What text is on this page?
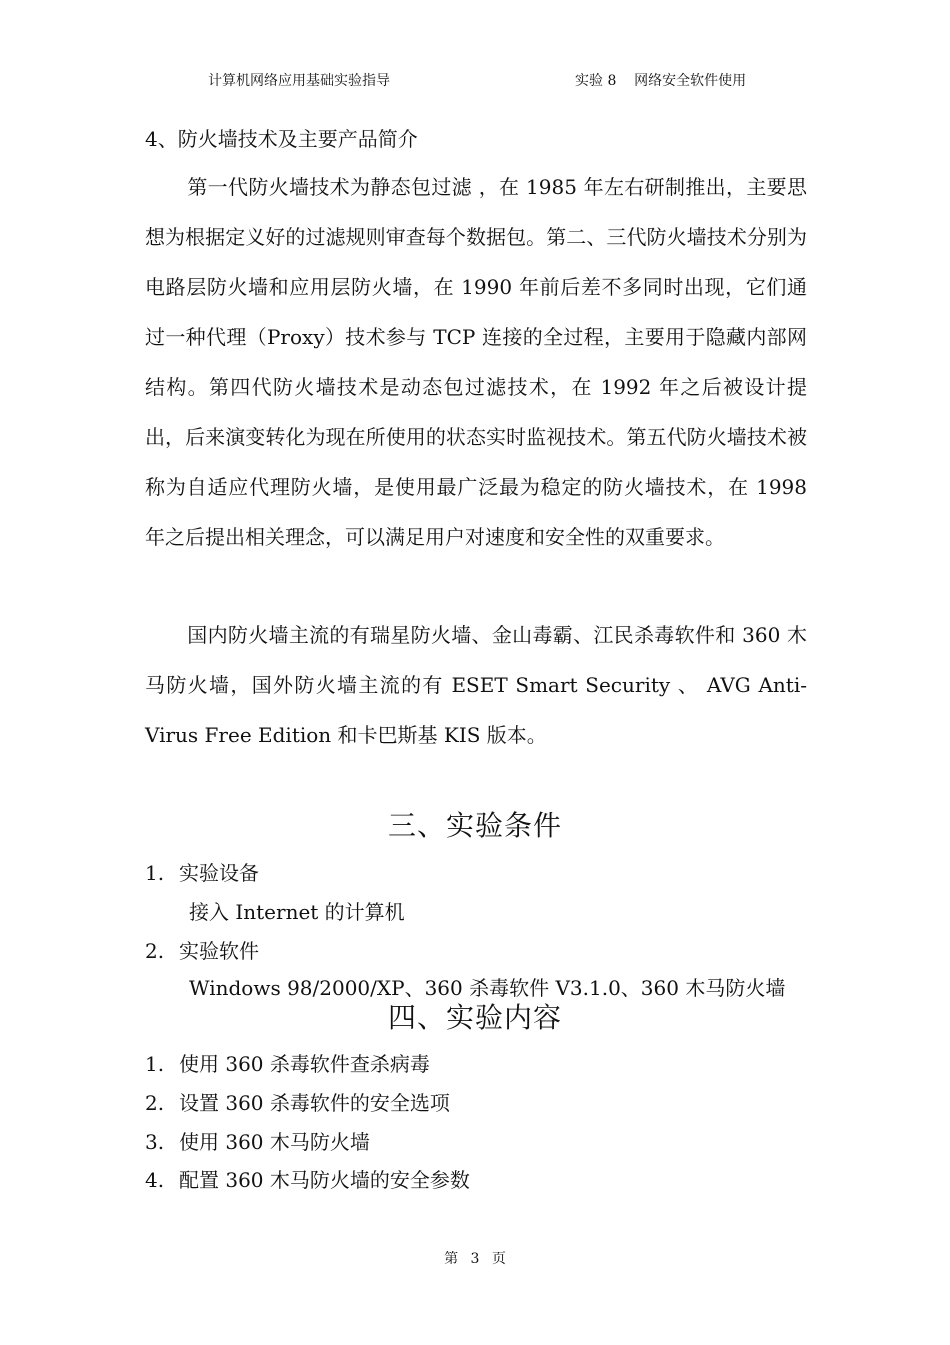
计算机网络应用基础实验指导	实验 8    网络安全软件使用
4、防火墙技术及主要产品简介

第一代防火墙技术为静态包过滤 ，在 1985 年左右研制推出，主要思想为根据定义好的过滤规则审查每个数据包。第二、三代防火墙技术分别为电路层防火墙和应用层防火墙，在 1990 年前后差不多同时出现，它们通过一种代理（Proxy）技术参与 TCP 连接的全过程，主要用于隐藏内部网结构。第四代防火墙技术是动态包过滤技术，在 1992 年之后被设计提出，后来演变转化为现在所使用的状态实时监视技术。第五代防火墙技术被称为自适应代理防火墙，是使用最广泛最为稳定的防火墙技术，在 1998 年之后提出相关理念，可以满足用户对速度和安全性的双重要求。

国内防火墙主流的有瑞星防火墙、金山毒霸、江民杀毒软件和 360 木马防火墙，国外防火墙主流的有 ESET Smart Security 、 AVG Anti-Virus Free Edition 和卡巴斯基 KIS 版本。

三、实验条件
1. 实验设备
接入 Internet 的计算机
2. 实验软件
Windows 98/2000/XP、360 杀毒软件 V3.1.0、360 木马防火墙
四、实验内容
1. 使用 360 杀毒软件查杀病毒
2. 设置 360 杀毒软件的安全选项
3. 使用 360 木马防火墙
4. 配置 360 木马防火墙的安全参数
第 3 页
